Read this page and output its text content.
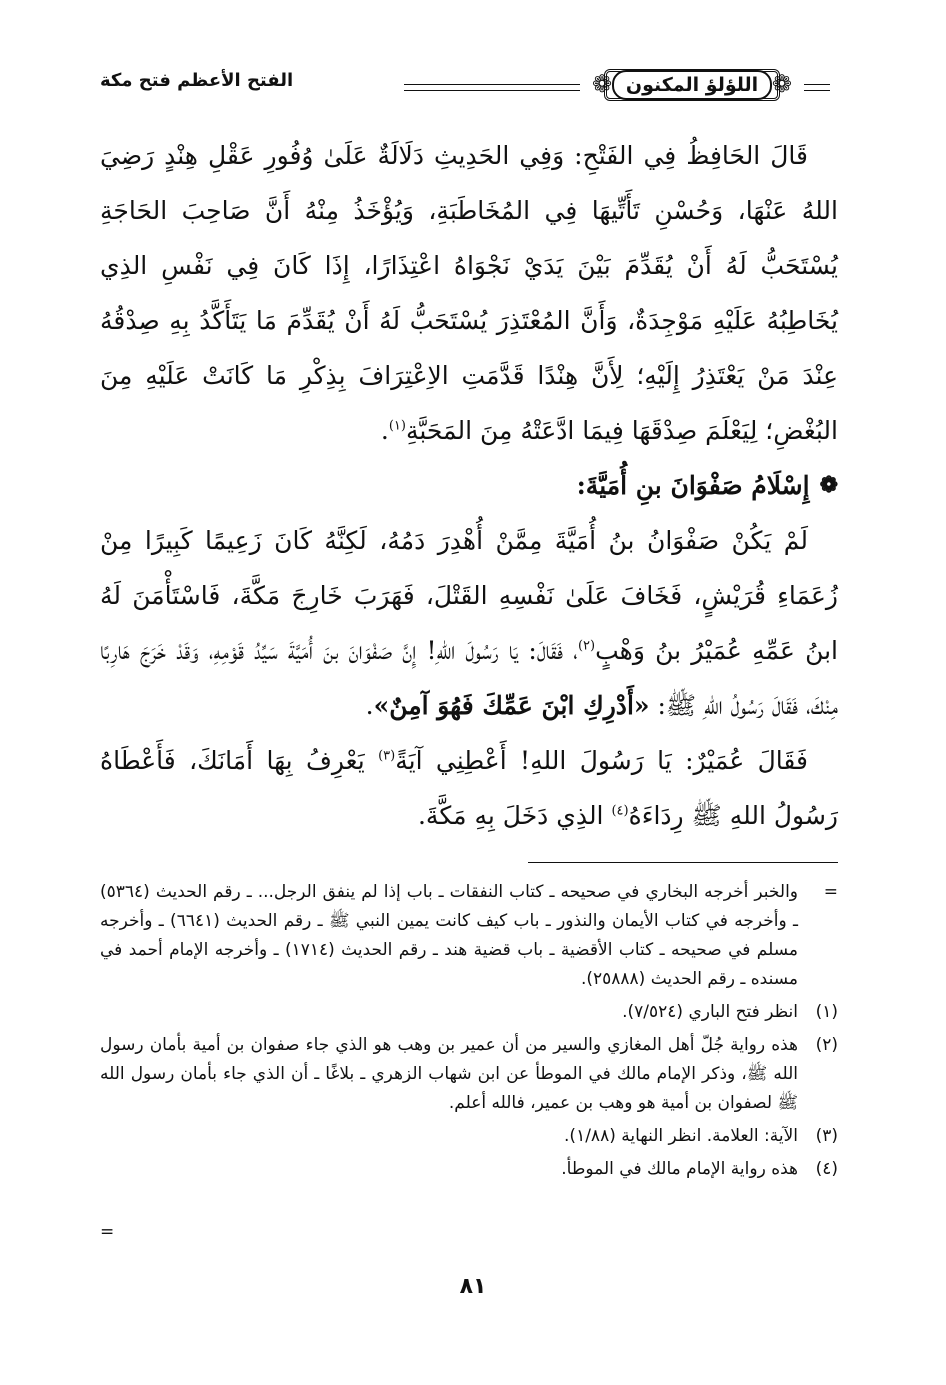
❁
اللؤلؤ المكنون
❁
الفتح الأعظم فتح مكة

قَالَ الحَافِظُ فِي الفَتْحِ: وَفِي الحَدِيثِ دَلَالَةٌ عَلَىٰ وُفُورِ عَقْلِ هِنْدٍ رَضِيَ اللهُ عَنْهَا، وَحُسْنِ تَأَتِّيهَا فِي المُخَاطَبَةِ، وَيُؤْخَذُ مِنْهُ أَنَّ صَاحِبَ الحَاجَةِ يُسْتَحَبُّ لَهُ أَنْ يُقَدِّمَ بَيْنَ يَدَيْ نَجْوَاهُ اعْتِذَارًا، إِذَا كَانَ فِي نَفْسِ الذِي يُخَاطِبُهُ عَلَيْهِ مَوْجِدَةٌ، وَأَنَّ المُعْتَذِرَ يُسْتَحَبُّ لَهُ أَنْ يُقَدِّمَ مَا يَتَأَكَّدُ بِهِ صِدْقُهُ عِنْدَ مَنْ يَعْتَذِرُ إِلَيْهِ؛ لِأَنَّ هِنْدًا قَدَّمَتِ الاِعْتِرَافَ بِذِكْرِ مَا كَانَتْ عَلَيْهِ مِنَ البُغْضِ؛ لِيَعْلَمَ صِدْقَهَا فِيمَا ادَّعَتْهُ مِنَ المَحَبَّةِ$^{(١)}$.

❁
إِسْلَامُ صَفْوَانَ بنِ أُمَيَّةَ:

لَمْ يَكُنْ صَفْوَانُ بنُ أُمَيَّةَ مِمَّنْ أُهْدِرَ دَمُهُ، لَكِنَّهُ كَانَ زَعِيمًا كَبِيرًا مِنْ زُعَمَاءِ قُرَيْشٍ، فَخَافَ عَلَىٰ نَفْسِهِ القَتْلَ، فَهَرَبَ خَارِجَ مَكَّةَ، فَاسْتَأْمَنَ لَهُ ابنُ عَمِّهِ عُمَيْرُ بنُ وَهْبٍ$^{(٢)}$، فَقَالَ: يَا رَسُولَ اللهِ! إِنَّ صَفْوَانَ بنَ أُمَيَّةَ سَيِّدُ قَوْمِهِ، وَقَدْ خَرَجَ هَارِبًا مِنْكَ، فَقَالَ رَسُولُ اللهِ ﷺ: «أَدْرِكِ ابْنَ عَمِّكَ فَهُوَ آمِنٌ».

فَقَالَ عُمَيْرٌ: يَا رَسُولَ اللهِ! أَعْطِنِي آيَةً$^{(٣)}$ يَعْرِفُ بِهَا أَمَانَكَ، فَأَعْطَاهُ رَسُولُ اللهِ ﷺ رِدَاءَهُ$^{(٤)}$ الذِي دَخَلَ بِهِ مَكَّةَ.

=
والخبر أخرجه البخاري في صحيحه ـ كتاب النفقات ـ باب إذا لم ينفق الرجل... ـ رقم الحديث (٥٣٦٤) ـ وأخرجه في كتاب الأيمان والنذور ـ باب كيف كانت يمين النبي ﷺ ـ رقم الحديث (٦٦٤١) ـ وأخرجه مسلم في صحيحه ـ كتاب الأقضية ـ باب قضية هند ـ رقم الحديث (١٧١٤) ـ وأخرجه الإمام أحمد في مسنده ـ رقم الحديث (٢٥٨٨٨).
(١)
انظر فتح الباري (٧/٥٢٤).
(٢)
هذه رواية جُلّ أهل المغازي والسير من أن عمير بن وهب هو الذي جاء صفوان بن أمية بأمان رسول الله ﷺ، وذكر الإمام مالك في الموطأ عن ابن شهاب الزهري ـ بلاغًا ـ أن الذي جاء بأمان رسول الله ﷺ لصفوان بن أمية هو وهب بن عمير، فالله أعلم.
(٣)
الآية: العلامة. انظر النهاية (١/٨٨).
(٤)
هذه رواية الإمام مالك في الموطأ.
=
٨١
